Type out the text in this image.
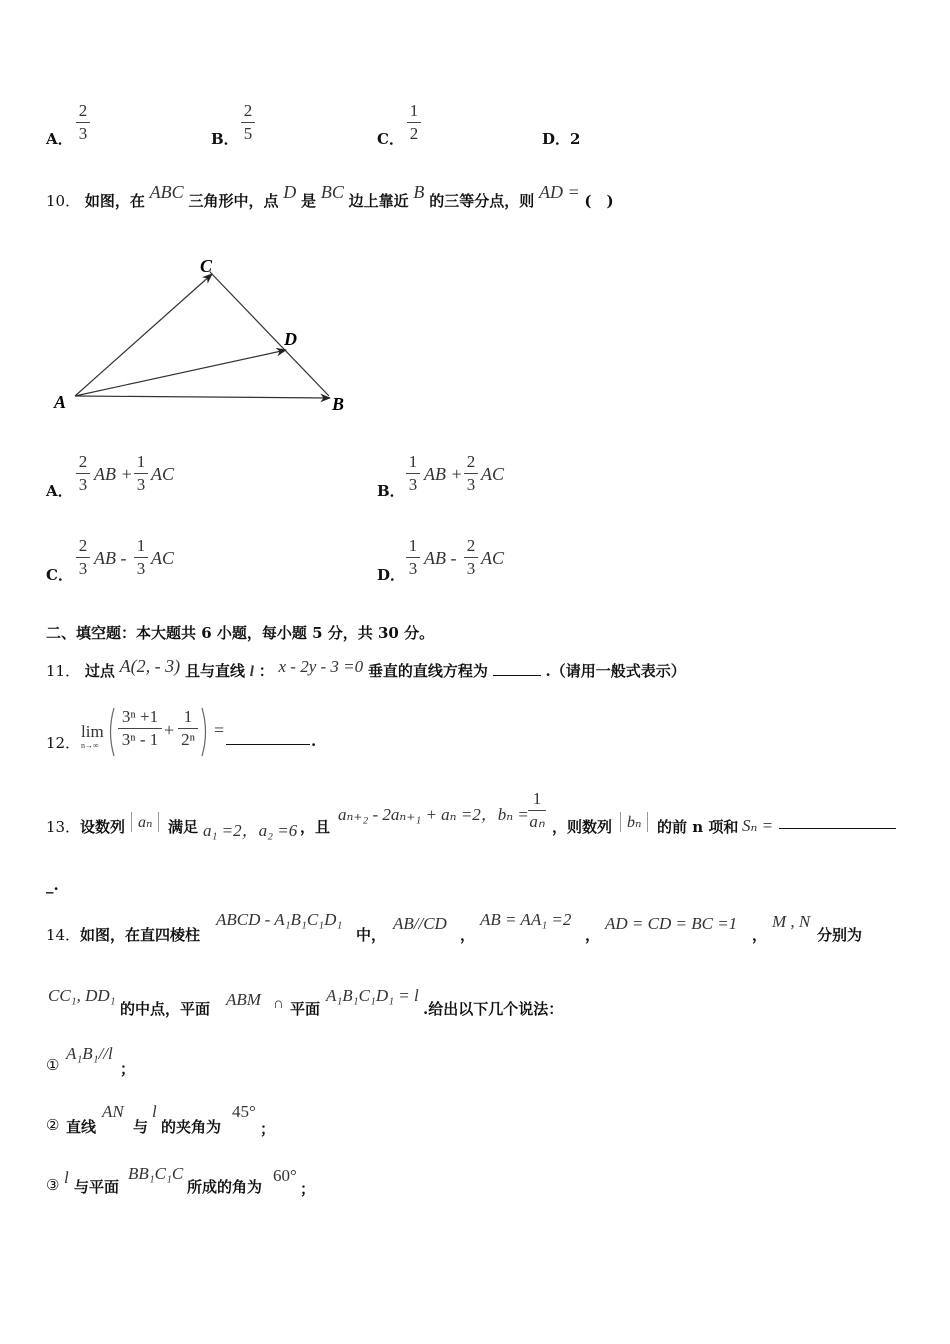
A．
2
3	B．
2
5	C．
1
2	D．2
10． 如图，在 ABC 三角形中，点 D 是 BC 边上靠近 B 的三等分点，则 AD = (　)
A
C
D
B
A．
2
3
AB +
1
3
AC
B．
1
3
AB +
2
3
AC
C．
2
3
AB -
1
3
AC
D．
1
3
AB -
2
3
AC
二、填空题：本大题共 6 小题，每小题 5 分，共 30 分。
11． 过点 A(2, - 3) 且与直线 l ： x - 2y - 3 =0 垂直的直线方程为	.（请用一般式表示）
12．
lim
n→∞
3ⁿ +1
3ⁿ - 1 +
1
2ⁿ =
.
13． 设数列 aₙ	满足 a₁ =2，a₂ =6 ，且
aₙ₊₂ - 2aₙ₊₁ + aₙ =2，bₙ =
1
aₙ ，则数列 bₙ	的前 n 项和 Sₙ =
_.
14． 如图，在直四棱柱
ABCD - A₁B₁C₁D₁
中，
AB//CD
，
AB = AA₁ =2
，
AD = CD = BC =1
，
M , N
分别为
CC₁, DD₁
的中点，平面 ABM ∩ 平面
A₁B₁C₁D₁ = l
.给出以下几个说法：
①
A₁B₁//l
；
② 直线
AN
与
l
的夹角为
45°
；
③ l 与平面
BB₁C₁C
所成的角为
60°
；
